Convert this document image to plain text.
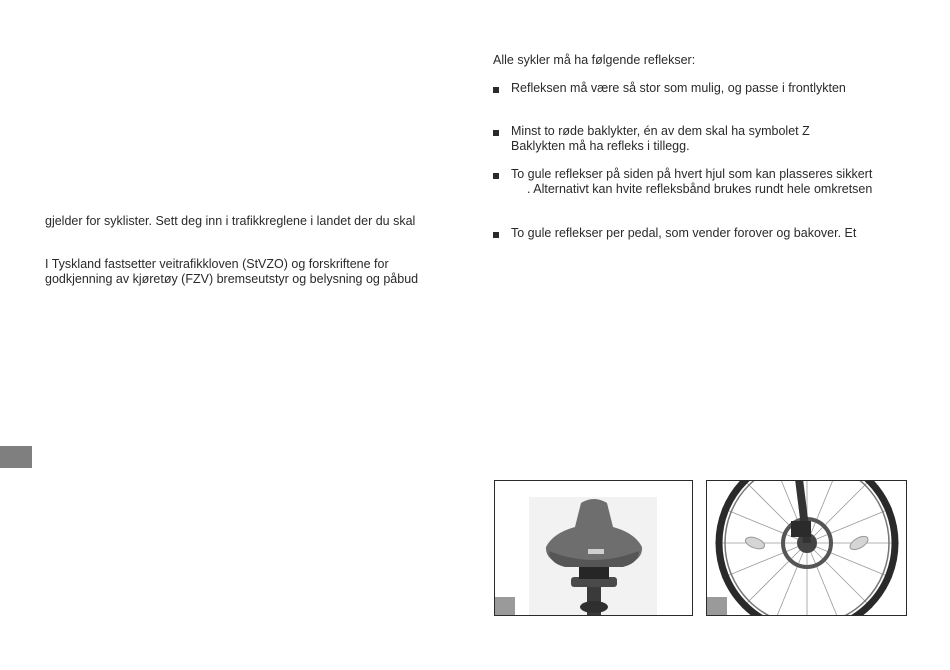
gjelder for syklister. Sett deg inn i trafikkreglene i landet der du skal
I Tyskland fastsetter veitrafikkloven (StVZO) og forskriftene for
godkjenning av kjøretøy (FZV) bremseutstyr og belysning og påbud
Alle sykler må ha følgende reflekser:
Refleksen må være så stor som mulig, og passe i frontlykten
Minst to røde baklykter, én av dem skal ha symbolet Z
Baklykten må ha refleks i tillegg.
To gule reflekser på siden på hvert hjul som kan plasseres sikkert
. Alternativt kan hvite refleksbånd brukes rundt hele omkretsen
To gule reflekser per pedal, som vender forover og bakover. Et
